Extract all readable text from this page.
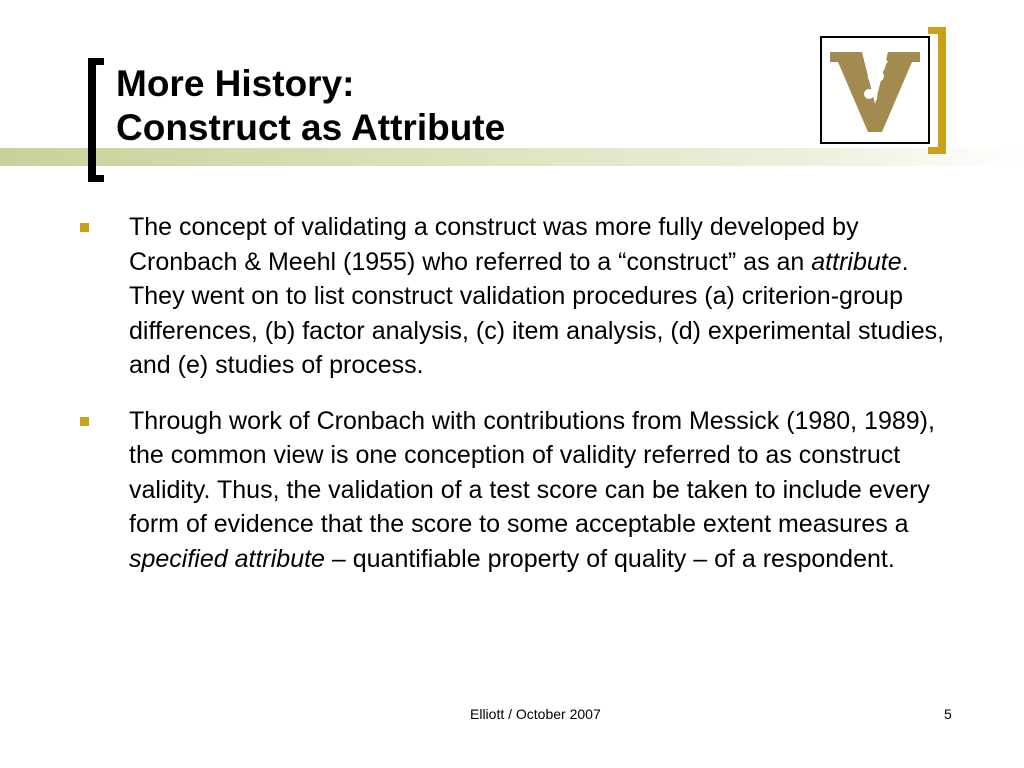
More History:
Construct as Attribute
The concept of validating a construct was more fully developed by Cronbach & Meehl (1955) who referred to a “construct” as an attribute. They went on to list construct validation procedures (a) criterion-group differences, (b) factor analysis, (c) item analysis, (d) experimental studies, and (e) studies of process.
Through work of Cronbach with contributions from Messick (1980, 1989), the common view is one conception of validity referred to as construct validity. Thus, the validation of a test score can be taken to include every form of evidence that the score to some acceptable extent measures a specified attribute – quantifiable property of quality – of a respondent.
Elliott / October 2007	5
